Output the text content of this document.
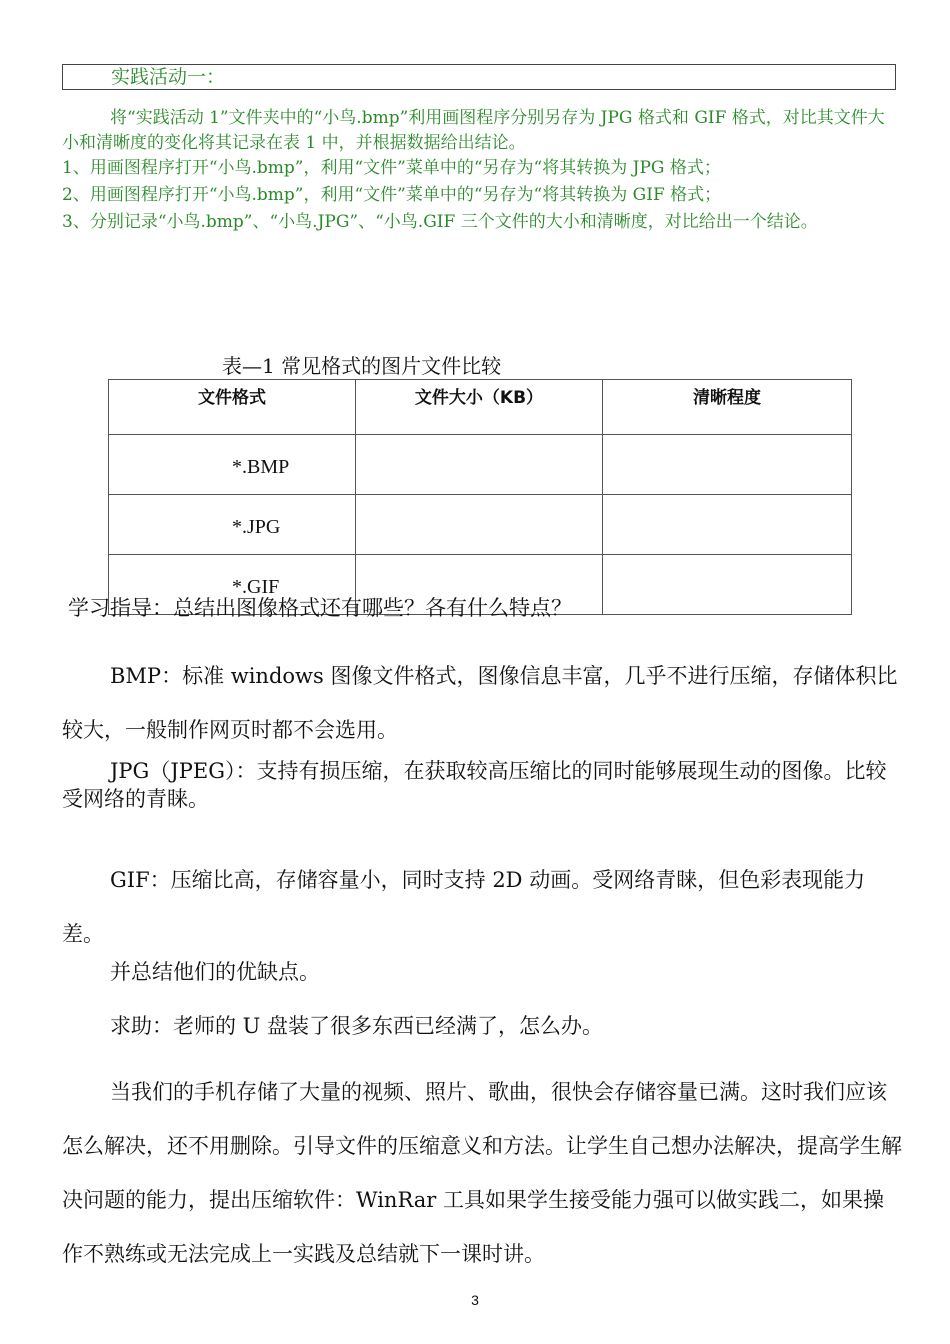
实践活动一：

将“实践活动 1”文件夹中的“小鸟.bmp”利用画图程序分别另存为 JPG 格式和 GIF 格式，对比其文件大小和清晰度的变化将其记录在表 1 中，并根据数据给出结论。

1、用画图程序打开“小鸟.bmp”，利用“文件”菜单中的“另存为“将其转换为 JPG 格式；

2、用画图程序打开“小鸟.bmp”，利用“文件”菜单中的“另存为“将其转换为 GIF 格式；

3、分别记录“小鸟.bmp”、“小鸟.JPG”、“小鸟.GIF 三个文件的大小和清晰度，对比给出一个结论。

表—1 常见格式的图片文件比较
文件格式	文件大小（KB）	清晰程度
*.BMP		
*.JPG		
*.GIF		

学习指导：总结出图像格式还有哪些？各有什么特点？

BMP：标准 windows 图像文件格式，图像信息丰富，几乎不进行压缩，存储体积比较大，一般制作网页时都不会选用。

JPG（JPEG）：支持有损压缩，在获取较高压缩比的同时能够展现生动的图像。比较受网络的青睐。

GIF：压缩比高，存储容量小，同时支持 2D 动画。受网络青睐，但色彩表现能力差。

并总结他们的优缺点。

求助：老师的 U 盘装了很多东西已经满了，怎么办。

当我们的手机存储了大量的视频、照片、歌曲，很快会存储容量已满。这时我们应该怎么解决，还不用删除。引导文件的压缩意义和方法。让学生自己想办法解决，提高学生解决问题的能力，提出压缩软件：WinRar 工具如果学生接受能力强可以做实践二，如果操作不熟练或无法完成上一实践及总结就下一课时讲。

3
